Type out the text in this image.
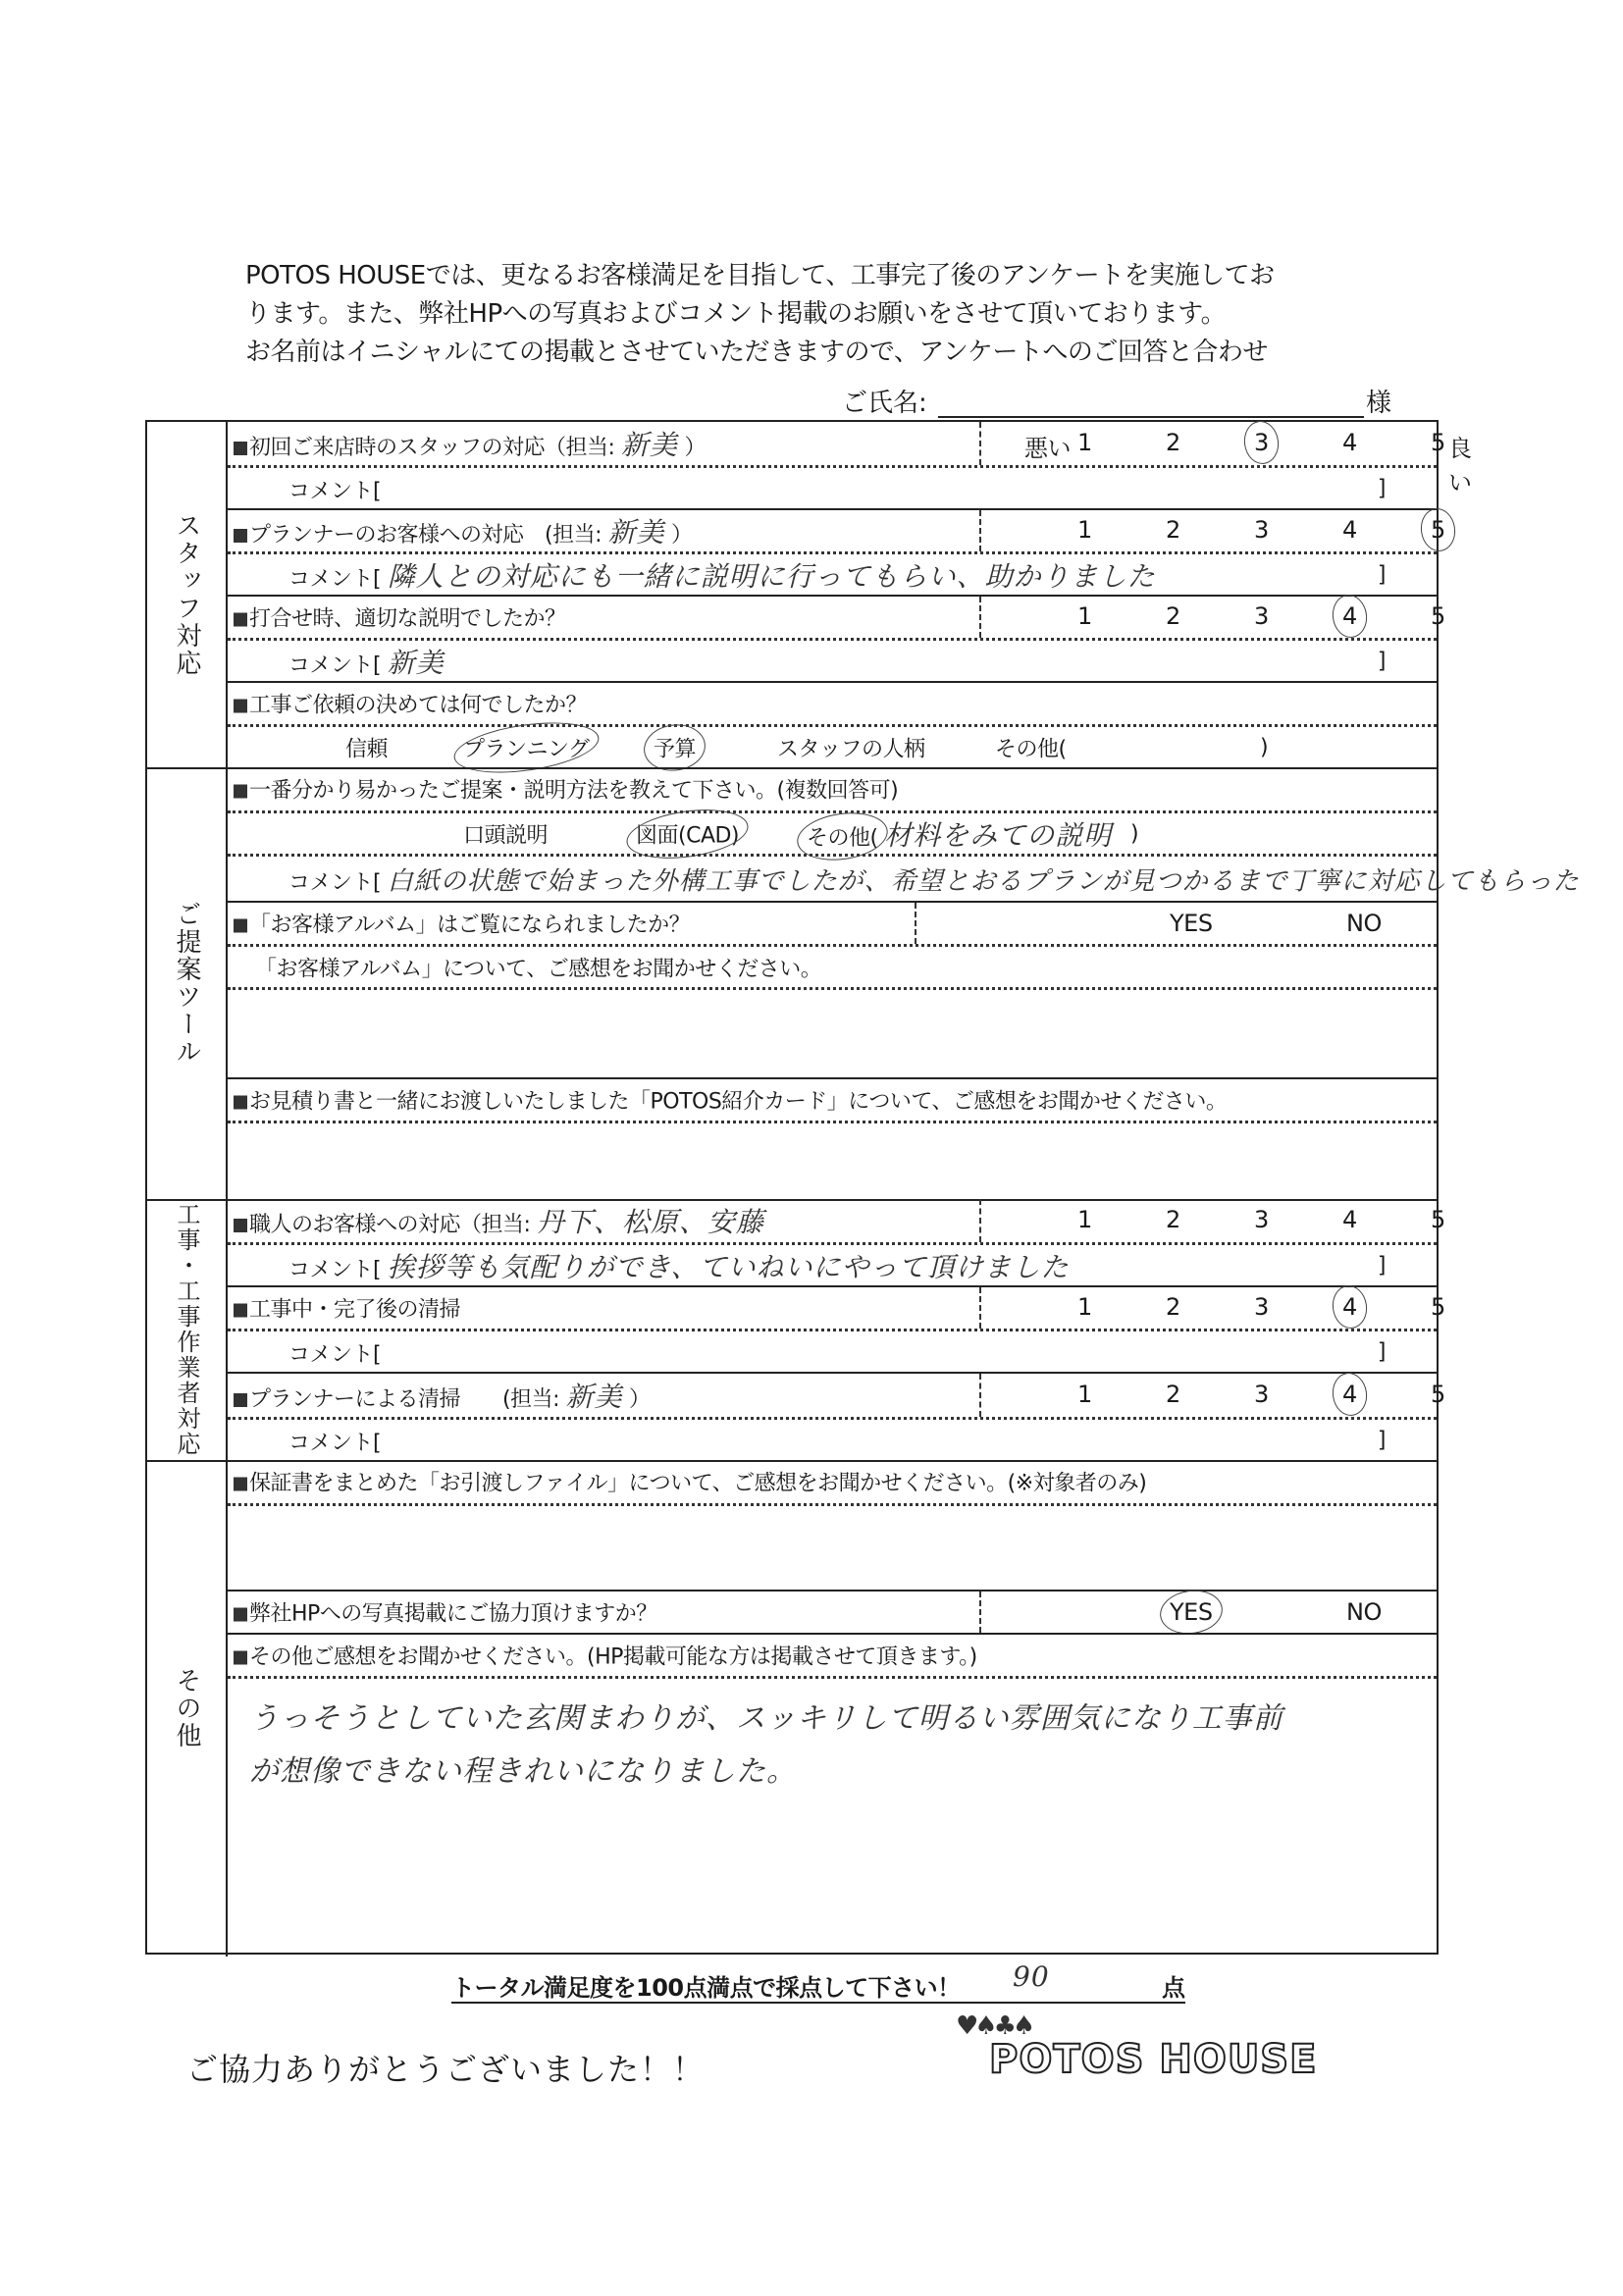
POTOS HOUSEでは、更なるお客様満足を目指して、工事完了後のアンケートを実施してお

ります。また、弊社HPへの写真およびコメント掲載のお願いをさせて頂いております。

お名前はイニシャルにての掲載とさせていただきますので、アンケートへのご回答と合わせ

ご氏名:	様
スタッフ対応
初回ご来店時のスタッフの対応（担当: 新美 ）	悪い 1	2	3	4	5 良い
コメント[	]
プランナーのお客様への対応　(担当: 新美 ）	1	2	3	4	5
コメント[ 隣人との対応にも一緒に説明に行ってもらい、助かりました	]
打合せ時、適切な説明でしたか？	1	2	3	4	5
コメント[ 新美	]
工事ご依頼の決めては何でしたか？
信頼	プランニング	予算	スタッフの人柄	その他(	)
ご提案ツール
一番分かり易かったご提案・説明方法を教えて下さい。(複数回答可)
口頭説明	図面(CAD)	その他( 材料をみての説明 )
コメント[ 白紙の状態で始まった外構工事でしたが、希望とおるプランが見つかるまで丁寧に対応してもらった
「お客様アルバム」はご覧になられましたか？	YES	NO
「お客様アルバム」について、ご感想をお聞かせください。
お見積り書と一緒にお渡しいたしました「POTOS紹介カード」について、ご感想をお聞かせください。
工事・工事作業者対応	職人のお客様への対応（担当: 丹下、松原、安藤	1	2	3	4	5
コメント[ 挨拶等も気配りができ、ていねいにやって頂けました	]
工事中・完了後の清掃	1	2	3	4	5
コメント[	]
プランナーによる清掃　　 (担当: 新美 ）	1	2	3	4	5
コメント[	]
その他
保証書をまとめた「お引渡しファイル」について、ご感想をお聞かせください。(※対象者のみ)
弊社HPへの写真掲載にご協力頂けますか？	YES	NO
その他ご感想をお聞かせください。(HP掲載可能な方は掲載させて頂きます。)
うっそうとしていた玄関まわりが、スッキリして明るい雰囲気になり工事前
が想像できない程きれいになりました。
トータル満足度を100点満点で採点して下さい！ 90	点
ご協力ありがとうございました！！
♥♠♣♠
POTOS HOUSE
